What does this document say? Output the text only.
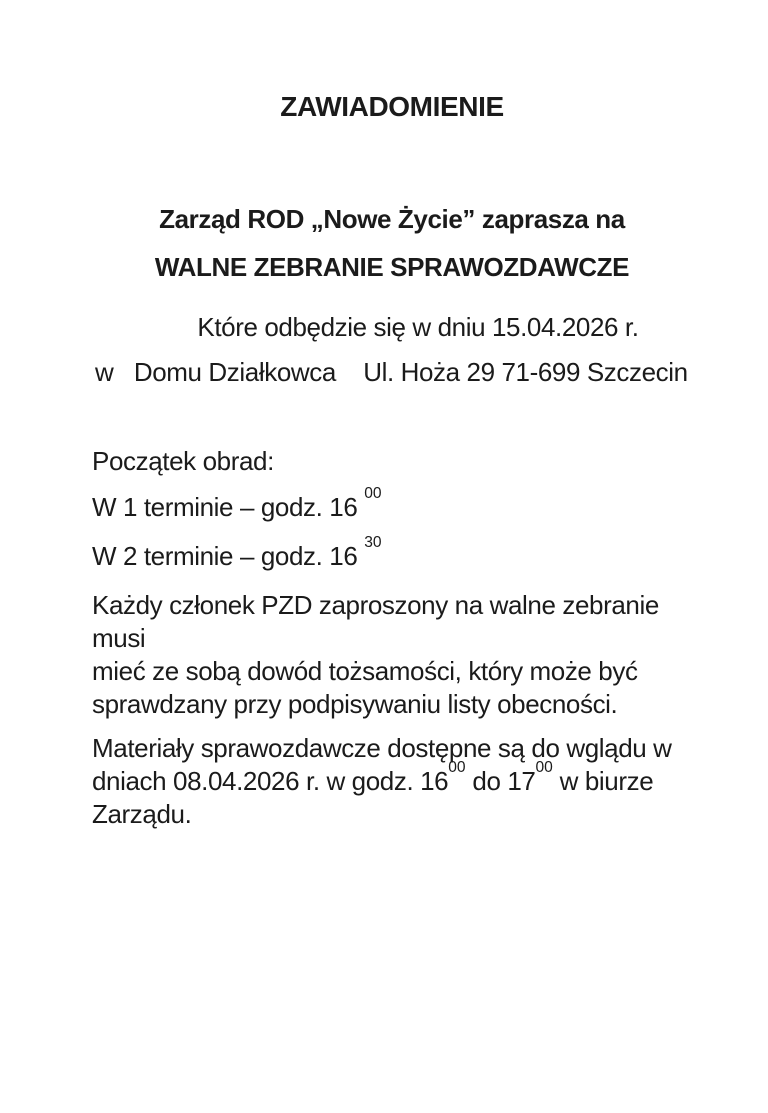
ZAWIADOMIENIE
Zarząd ROD „Nowe Życie” zaprasza na
WALNE ZEBRANIE SPRAWOZDAWCZE
Które odbędzie się w dniu 15.04.2026 r.
w   Domu Działkowca    Ul. Hoża 29 71-699 Szczecin
Początek obrad:
W 1 terminie – godz. 16 $^{00}$
W 2 terminie – godz. 16 $^{30}$
Każdy członek PZD zaproszony na walne zebranie musi
mieć ze sobą dowód tożsamości, który może być
sprawdzany przy podpisywaniu listy obecności.
Materiały sprawozdawcze dostępne są do wglądu w
dniach 08.04.2026 r. w godz. $16^{00}$ do $17^{00}$ w biurze
Zarządu.
